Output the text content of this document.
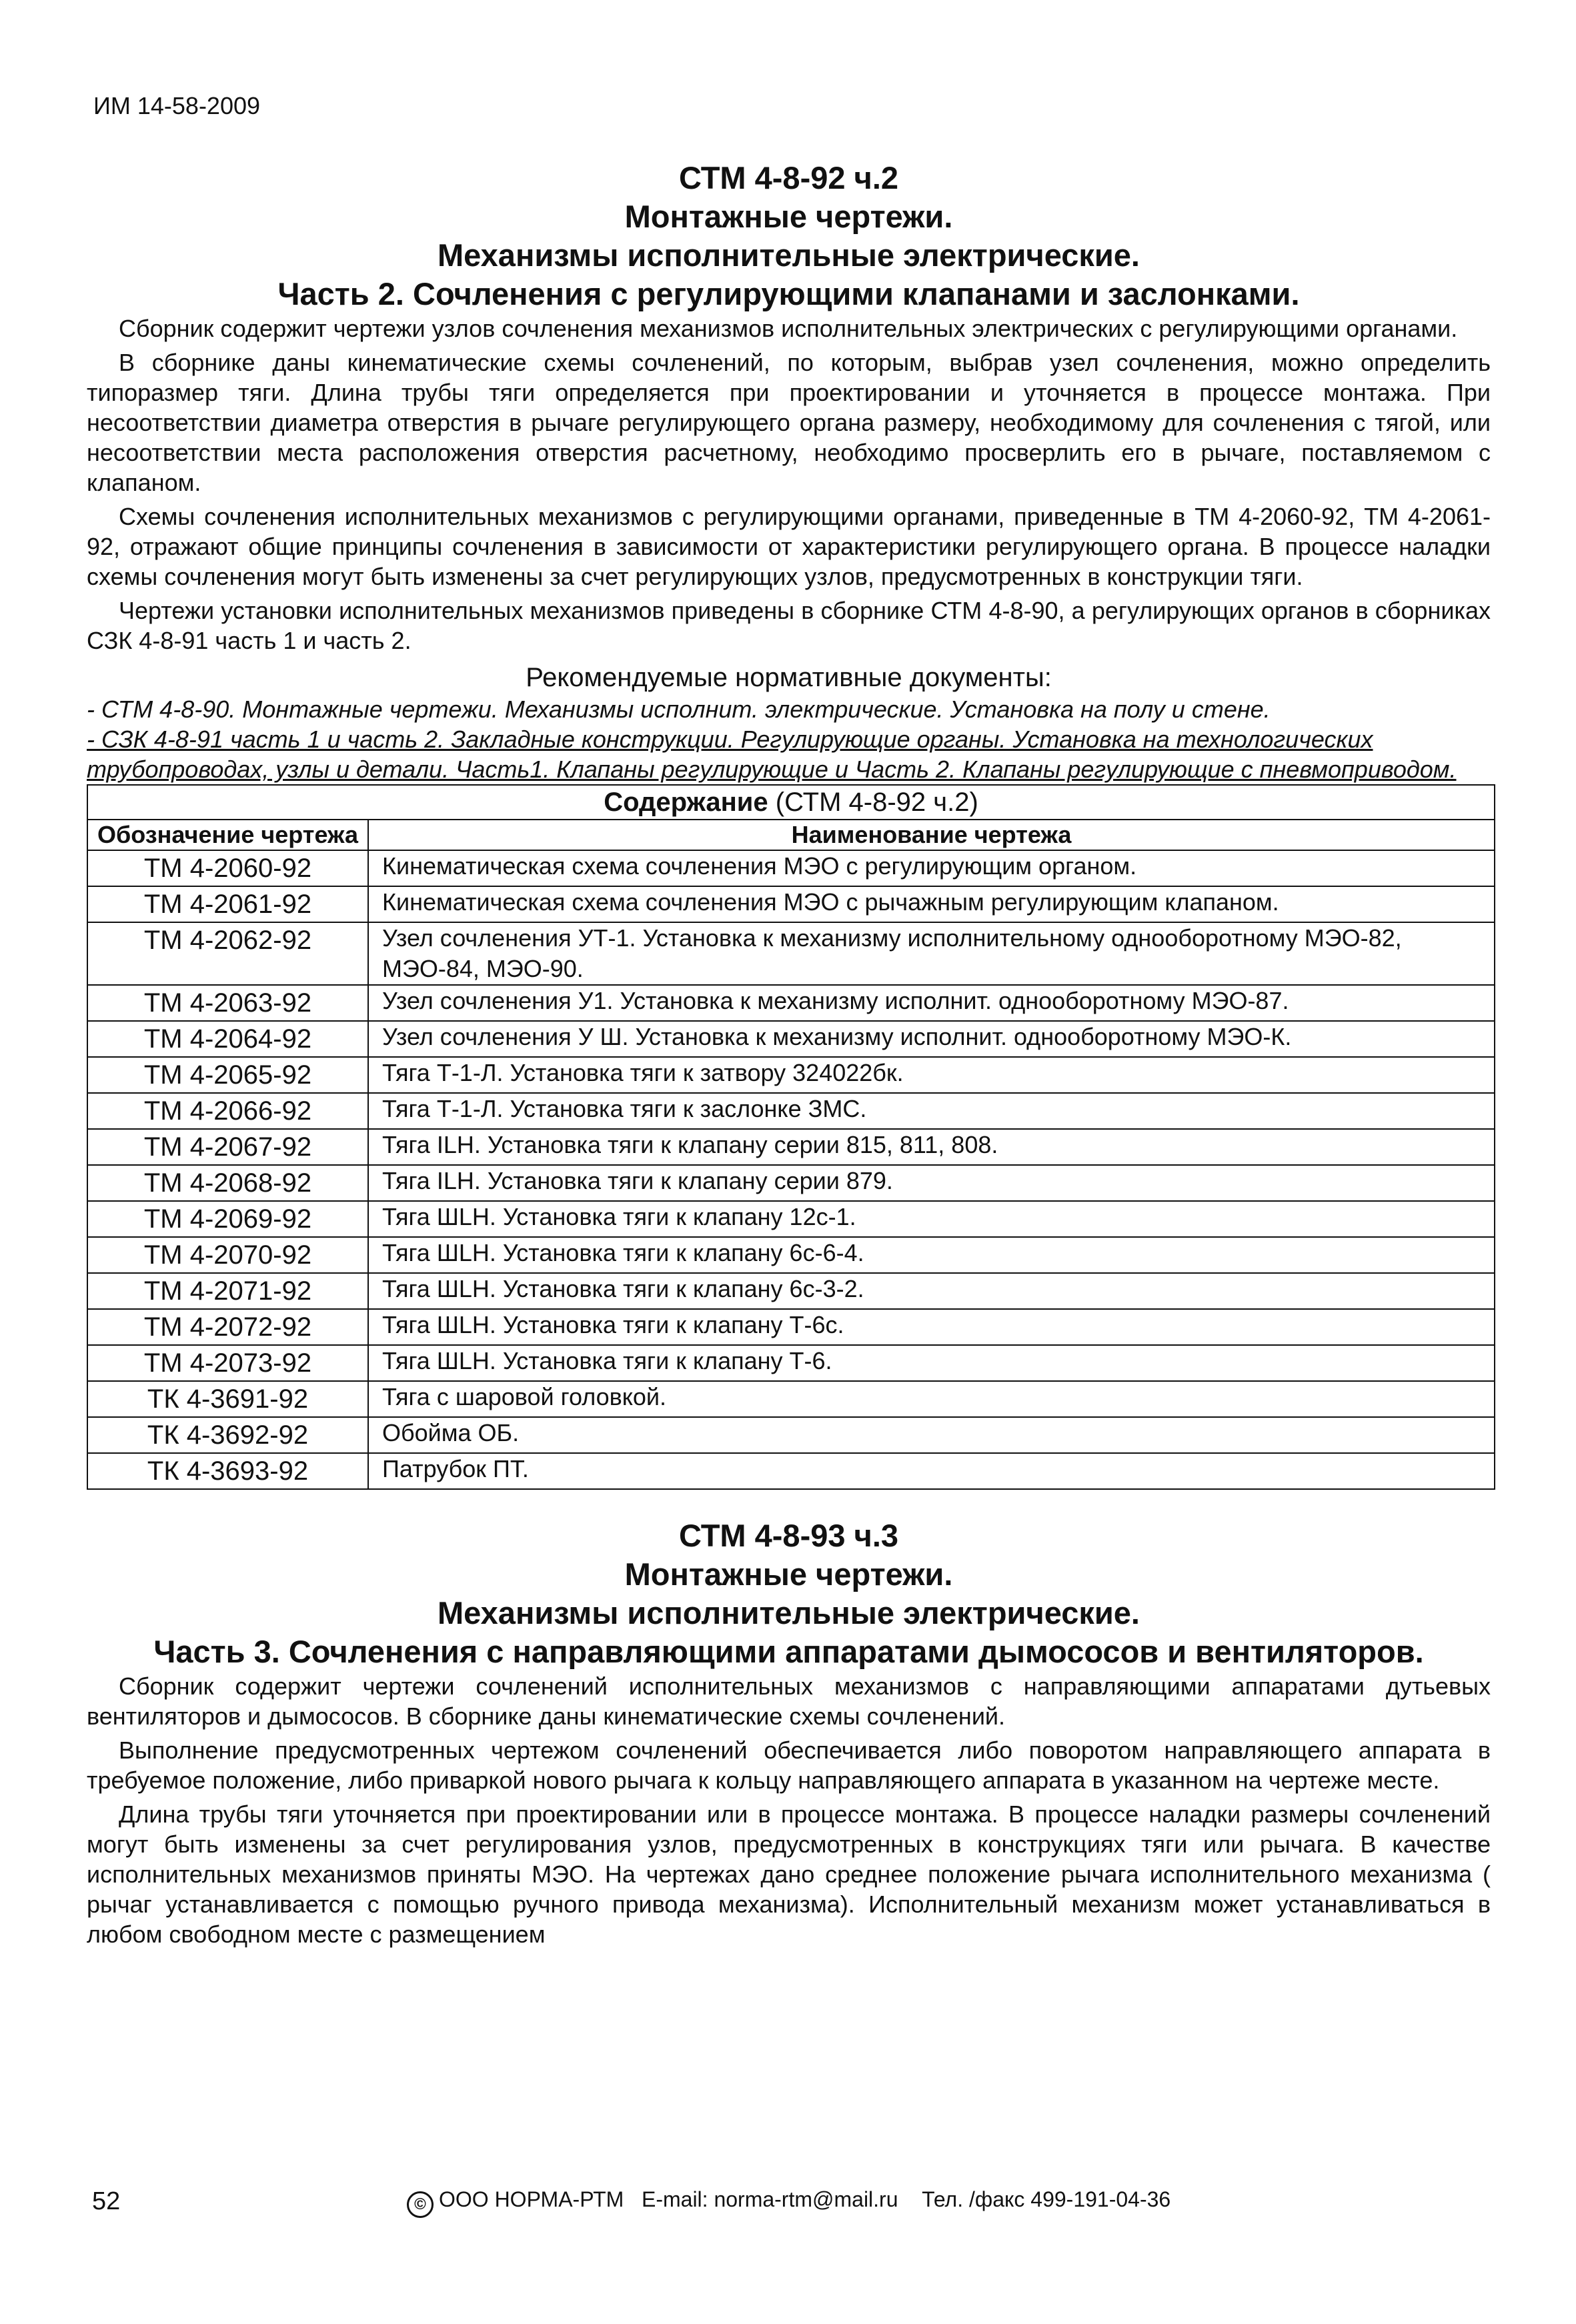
ИМ 14-58-2009
СТМ 4-8-92 ч.2
Монтажные чертежи.
Механизмы исполнительные электрические.
Часть 2. Сочленения с регулирующими клапанами и заслонками.

Сборник содержит чертежи узлов сочленения механизмов исполнительных электрических с регулирующими органами.

В сборнике даны кинематические схемы сочленений, по которым, выбрав узел сочленения, можно определить типоразмер тяги. Длина трубы тяги определяется при проектировании и уточняется в процессе монтажа. При несоответствии диаметра отверстия в рычаге регулирующего органа размеру, необходимому для сочленения с тягой, или несоответствии места расположения отверстия расчетному, необходимо просверлить его в рычаге, поставляемом с клапаном.

Схемы сочленения исполнительных механизмов с регулирующими органами, приведенные в ТМ 4-2060-92, ТМ 4-2061-92, отражают общие принципы сочленения в зависимости от характеристики регулирующего органа. В процессе наладки схемы сочленения могут быть изменены за счет регулирующих узлов, предусмотренных в конструкции тяги.

Чертежи установки исполнительных механизмов приведены в сборнике СТМ 4-8-90, а регулирующих органов в сборниках СЗК 4-8-91 часть 1 и часть 2.

Рекомендуемые нормативные документы:

- СТМ 4-8-90. Монтажные чертежи. Механизмы исполнит. электрические. Установка на полу и стене.

- СЗК 4-8-91 часть 1 и часть 2. Закладные конструкции. Регулирующие органы. Установка на технологических трубопроводах, узлы и детали. Часть1. Клапаны регулирующие и Часть 2. Клапаны регулирующие с пневмоприводом.

Содержание (СТМ 4-8-92 ч.2)	
Обозначение чертежа	Наименование чертежа
ТМ 4-2060-92	Кинематическая схема сочленения МЭО с регулирующим органом.
ТМ 4-2061-92	Кинематическая схема сочленения МЭО с рычажным регулирующим клапаном.
ТМ 4-2062-92	Узел сочленения УТ-1. Установка к механизму исполнительному однооборотному МЭО-82, МЭО-84, МЭО-90.
ТМ 4-2063-92	Узел сочленения У1. Установка к механизму исполнит. однооборотному МЭО-87.
ТМ 4-2064-92	Узел сочленения У Ш. Установка к механизму исполнит. однооборотному МЭО-К.
ТМ 4-2065-92	Тяга Т-1-Л. Установка тяги к затвору 324022бк.
ТМ 4-2066-92	Тяга Т-1-Л. Установка тяги к заслонке ЗМС.
ТМ 4-2067-92	Тяга ILH. Установка тяги к клапану серии 815, 811, 808.
ТМ 4-2068-92	Тяга ILH. Установка тяги к клапану серии 879.
ТМ 4-2069-92	Тяга ШLH. Установка тяги к клапану 12с-1.
ТМ 4-2070-92	Тяга ШLH. Установка тяги к клапану 6с-6-4.
ТМ 4-2071-92	Тяга ШLH. Установка тяги к клапану 6с-3-2.
ТМ 4-2072-92	Тяга ШLH. Установка тяги к клапану Т-6с.
ТМ 4-2073-92	Тяга ШLH. Установка тяги к клапану Т-6.
ТК 4-3691-92	Тяга с шаровой головкой.
ТК 4-3692-92	Обойма ОБ.
ТК 4-3693-92	Патрубок ПТ.
СТМ 4-8-93 ч.3
Монтажные чертежи.
Механизмы исполнительные электрические.
Часть 3. Сочленения с направляющими аппаратами дымососов и вентиляторов.

Сборник содержит чертежи сочленений исполнительных механизмов с направляющими аппаратами дутьевых вентиляторов и дымососов. В сборнике даны кинематические схемы сочленений.

Выполнение предусмотренных чертежом сочленений обеспечивается либо поворотом направляющего аппарата в требуемое положение, либо приваркой нового рычага к кольцу направляющего аппарата в указанном на чертеже месте.

Длина трубы тяги уточняется при проектировании или в процессе монтажа. В процессе наладки размеры сочленений могут быть изменены за счет регулирования узлов, предусмотренных в конструкциях тяги или рычага. В качестве исполнительных механизмов приняты МЭО. На чертежах дано среднее положение рычага исполнительного механизма ( рычаг устанавливается с помощью ручного привода механизма). Исполнительный механизм может устанавливаться в любом свободном месте с размещением

52	© ООО НОРМА-РТМ E-mail: norma-rtm@mail.ru Тел. /факс 499-191-04-36
